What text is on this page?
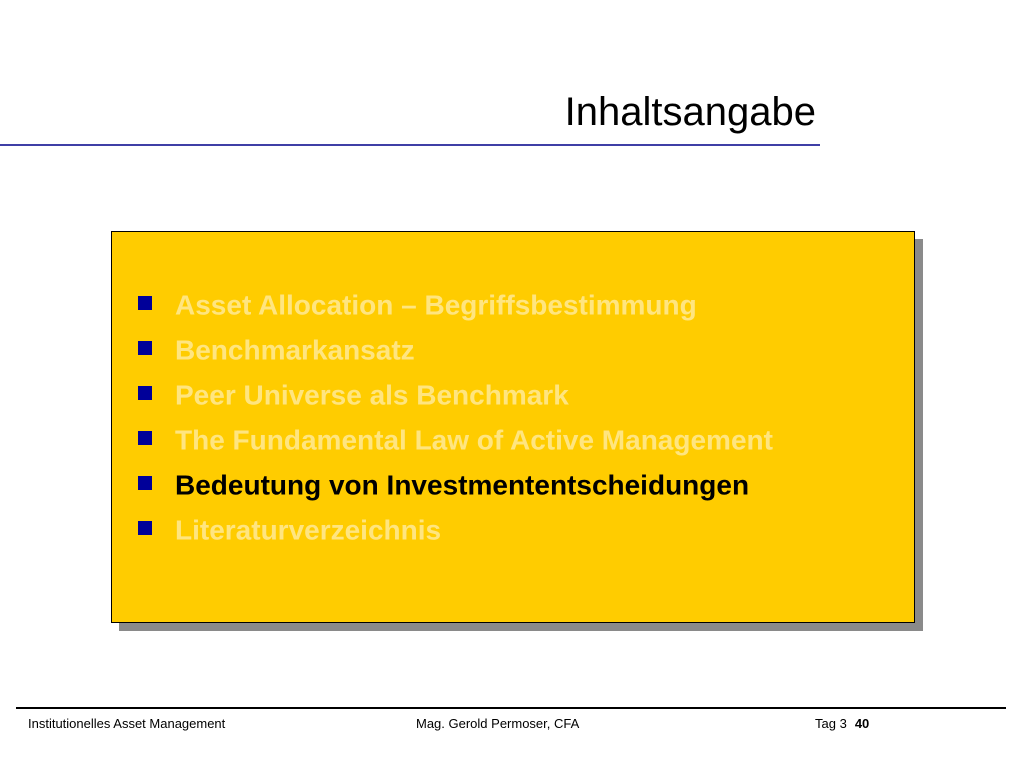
Inhaltsangabe
Asset Allocation – Begriffsbestimmung
Benchmarkansatz
Peer Universe als Benchmark
The Fundamental Law of Active Management
Bedeutung von Investmententscheidungen
Literaturverzeichnis
Institutionelles Asset Management	Mag. Gerold Permoser, CFA	Tag 3 40
